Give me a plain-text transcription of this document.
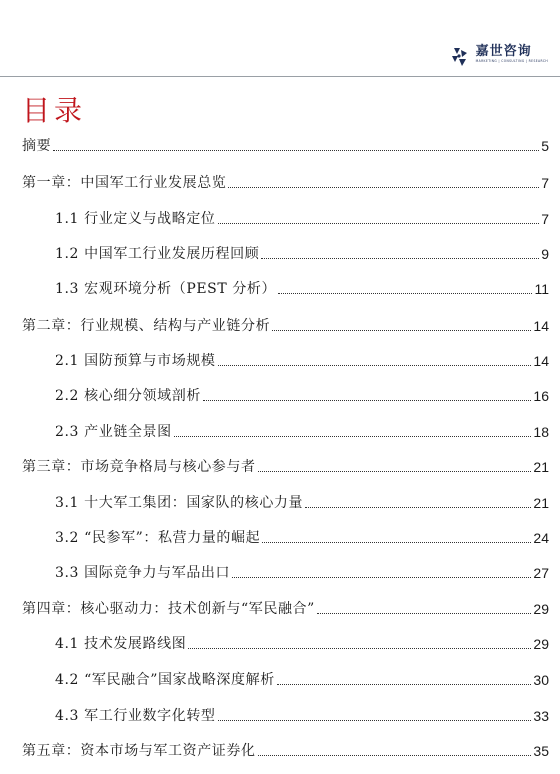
嘉世咨询
MARKETING | CONSULTING | RESEARCH
目录
摘要	5
第一章：中国军工行业发展总览	7
1.1 行业定义与战略定位	7
1.2 中国军工行业发展历程回顾	9
1.3 宏观环境分析（PEST 分析）	11
第二章：行业规模、结构与产业链分析	14
2.1 国防预算与市场规模	14
2.2 核心细分领域剖析	16
2.3 产业链全景图	18
第三章：市场竞争格局与核心参与者	21
3.1 十大军工集团：国家队的核心力量	21
3.2 “民参军”：私营力量的崛起	24
3.3 国际竞争力与军品出口	27
第四章：核心驱动力：技术创新与“军民融合”	29
4.1 技术发展路线图	29
4.2 “军民融合”国家战略深度解析	30
4.3 军工行业数字化转型	33
第五章：资本市场与军工资产证券化	35
